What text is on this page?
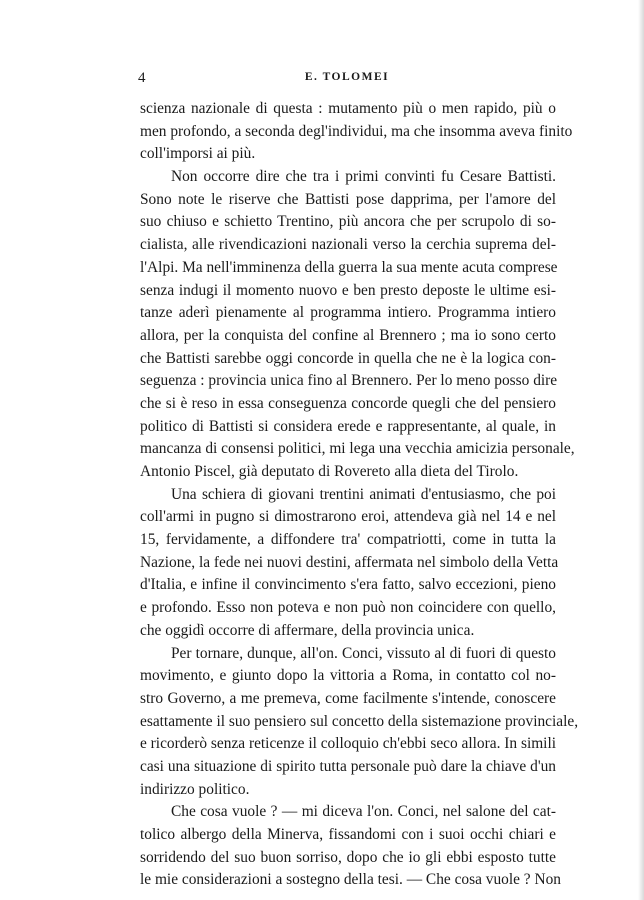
4	E. TOLOMEI
scienza nazionale di questa : mutamento più o men rapido, più o
men profondo, a seconda degl'individui, ma che insomma aveva finito
coll'imporsi ai più.
Non occorre dire che tra i primi convinti fu Cesare Battisti.
Sono note le riserve che Battisti pose dapprima, per l'amore del
suo chiuso e schietto Trentino, più ancora che per scrupolo di so-
cialista, alle rivendicazioni nazionali verso la cerchia suprema del-
l'Alpi. Ma nell'imminenza della guerra la sua mente acuta comprese
senza indugi il momento nuovo e ben presto deposte le ultime esi-
tanze aderì pienamente al programma intiero. Programma intiero
allora, per la conquista del confine al Brennero ; ma io sono certo
che Battisti sarebbe oggi concorde in quella che ne è la logica con-
seguenza : provincia unica fino al Brennero. Per lo meno posso dire
che si è reso in essa conseguenza concorde quegli che del pensiero
politico di Battisti si considera erede e rappresentante, al quale, in
mancanza di consensi politici, mi lega una vecchia amicizia personale,
Antonio Piscel, già deputato di Rovereto alla dieta del Tirolo.
Una schiera di giovani trentini animati d'entusiasmo, che poi
coll'armi in pugno si dimostrarono eroi, attendeva già nel 14 e nel
15, fervidamente, a diffondere tra' compatriotti, come in tutta la
Nazione, la fede nei nuovi destini, affermata nel simbolo della Vetta
d'Italia, e infine il convincimento s'era fatto, salvo eccezioni, pieno
e profondo. Esso non poteva e non può non coincidere con quello,
che oggidì occorre di affermare, della provincia unica.
Per tornare, dunque, all'on. Conci, vissuto al di fuori di questo
movimento, e giunto dopo la vittoria a Roma, in contatto col no-
stro Governo, a me premeva, come facilmente s'intende, conoscere
esattamente il suo pensiero sul concetto della sistemazione provinciale,
e ricorderò senza reticenze il colloquio ch'ebbi seco allora. In simili
casi una situazione di spirito tutta personale può dare la chiave d'un
indirizzo politico.
Che cosa vuole ? — mi diceva l'on. Conci, nel salone del cat-
tolico albergo della Minerva, fissandomi con i suoi occhi chiari e
sorridendo del suo buon sorriso, dopo che io gli ebbi esposto tutte
le mie considerazioni a sostegno della tesi. — Che cosa vuole ? Non
